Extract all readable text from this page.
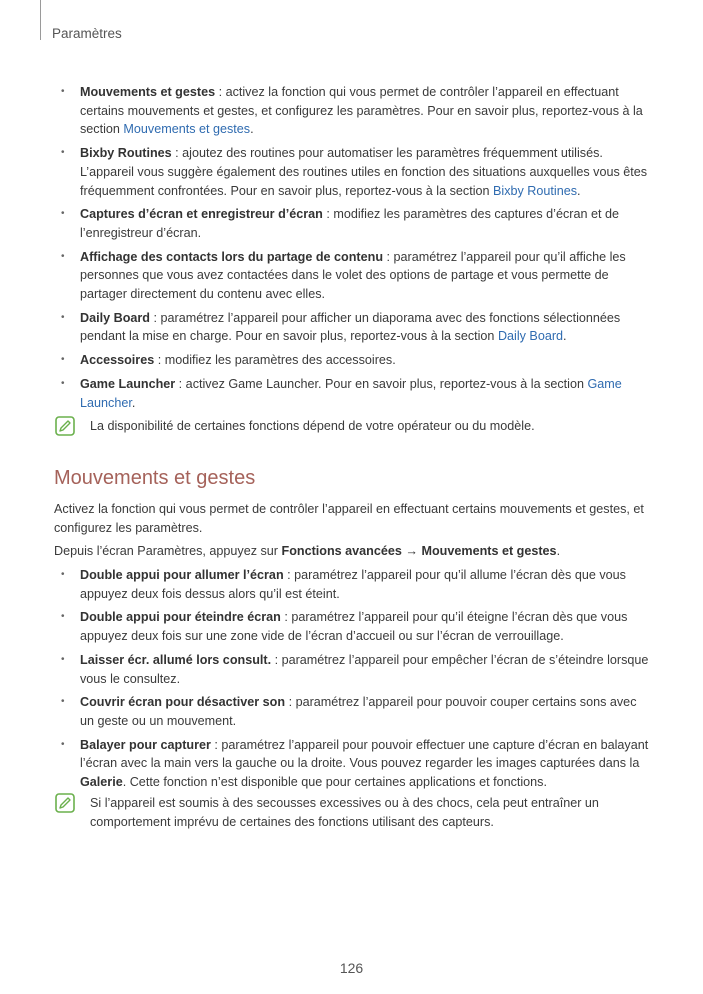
Paramètres
• Mouvements et gestes : activez la fonction qui vous permet de contrôler l’appareil en effectuant certains mouvements et gestes, et configurez les paramètres. Pour en savoir plus, reportez-vous à la section Mouvements et gestes.
• Bixby Routines : ajoutez des routines pour automatiser les paramètres fréquemment utilisés. L’appareil vous suggère également des routines utiles en fonction des situations auxquelles vous êtes fréquemment confrontées. Pour en savoir plus, reportez-vous à la section Bixby Routines.
• Captures d’écran et enregistreur d’écran : modifiez les paramètres des captures d’écran et de l’enregistreur d’écran.
• Affichage des contacts lors du partage de contenu : paramétrez l’appareil pour qu’il affiche les personnes que vous avez contactées dans le volet des options de partage et vous permette de partager directement du contenu avec elles.
• Daily Board : paramétrez l’appareil pour afficher un diaporama avec des fonctions sélectionnées pendant la mise en charge. Pour en savoir plus, reportez-vous à la section Daily Board.
• Accessoires : modifiez les paramètres des accessoires.
• Game Launcher : activez Game Launcher. Pour en savoir plus, reportez-vous à la section Game Launcher.
La disponibilité de certaines fonctions dépend de votre opérateur ou du modèle.
Mouvements et gestes

Activez la fonction qui vous permet de contrôler l’appareil en effectuant certains mouvements et gestes, et configurez les paramètres.

Depuis l’écran Paramètres, appuyez sur Fonctions avancées → Mouvements et gestes.

• Double appui pour allumer l’écran : paramétrez l’appareil pour qu’il allume l’écran dès que vous appuyez deux fois dessus alors qu’il est éteint.
• Double appui pour éteindre écran : paramétrez l’appareil pour qu’il éteigne l’écran dès que vous appuyez deux fois sur une zone vide de l’écran d’accueil ou sur l’écran de verrouillage.
• Laisser écr. allumé lors consult. : paramétrez l’appareil pour empêcher l’écran de s’éteindre lorsque vous le consultez.
• Couvrir écran pour désactiver son : paramétrez l’appareil pour pouvoir couper certains sons avec un geste ou un mouvement.
• Balayer pour capturer : paramétrez l’appareil pour pouvoir effectuer une capture d’écran en balayant l’écran avec la main vers la gauche ou la droite. Vous pouvez regarder les images capturées dans la Galerie. Cette fonction n’est disponible que pour certaines applications et fonctions.
Si l’appareil est soumis à des secousses excessives ou à des chocs, cela peut entraîner un comportement imprévu de certaines des fonctions utilisant des capteurs.
126
